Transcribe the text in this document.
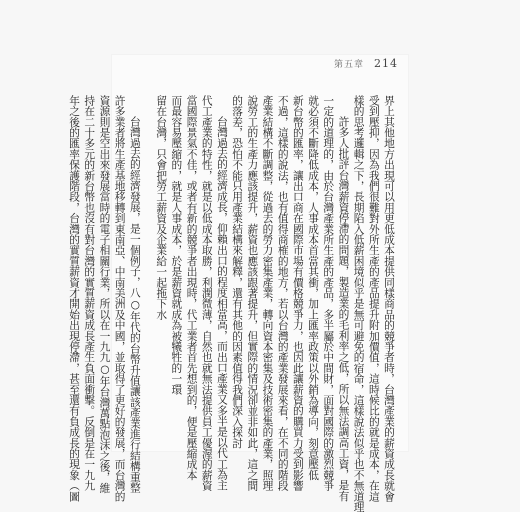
第五章 214
界上其他地方出現可以用更低成本提供同樣商品的競爭者時，台灣產業的薪資成長就會
受到壓抑，因為我們很難對外所生產的產品提升附加價值，這時候比的就是成本，在這
樣的思考邏輯之下，長期陷入低薪困境似乎是無可避免的宿命，這樣說法似乎也不無道理
許多人批評台灣薪資停滯的問題，製造業的毛利率之低，所以無法調高工資，是有
一定的道理的，由於台灣產業所生產的產品，多半屬於中間財，面對國際的激烈競爭
就必須不斷降低成本，人事成本首當其衝，加上匯率政策以外銷為導向，刻意壓低
新台幣的匯率，讓出口商在國際市場有價格競爭力，也因此讓薪資的購買力受到影響
不過，這樣的說法，也有值得商榷的地方，若以台灣的產業發展來看，在不同的階段
產業結構不斷調整，從過去的勞力密集產業，轉向資本密集及技術密集的產業，照理
說勞工的生產力應該提升，薪資也應該跟著提升，但實際的情況卻並非如此，這之間
的落差，恐怕不能只用產業結構來解釋，還有其他的因素值得我們深入探討
台灣過去的經濟成長，仰賴出口的程度相當高，而出口產業又多半是以代工為主
代工產業的特性，就是以低成本取勝，利潤微薄，自然也就無法提供員工優渥的薪資
當國際景氣不佳，或者有新的競爭者出現時，代工業者首先想到的，便是壓縮成本
而最容易壓縮的，就是人事成本，於是薪資就成為被犧牲的一環
留在台灣，只會把勞工薪資及企業給一起拖下水
台灣過去的經濟發展，是一個例子，八○年代的台幣升值讓該產業進行結構重整
許多業者將生產基地移轉到東南亞、中南美洲及中國，並取得了更好的發展，而台灣的
資源則是空出來發展當時的電子相關行業，所以在一九九○年台灣萬點泡沫之後，維
持在二十多元的新台幣也沒有對台灣的實質薪資成長產生負面衝擊。反倒是在一九九
年之後的匯率保護階段，台灣的實質薪資才開始出現停滯，甚至還有負成長的現象（圖
